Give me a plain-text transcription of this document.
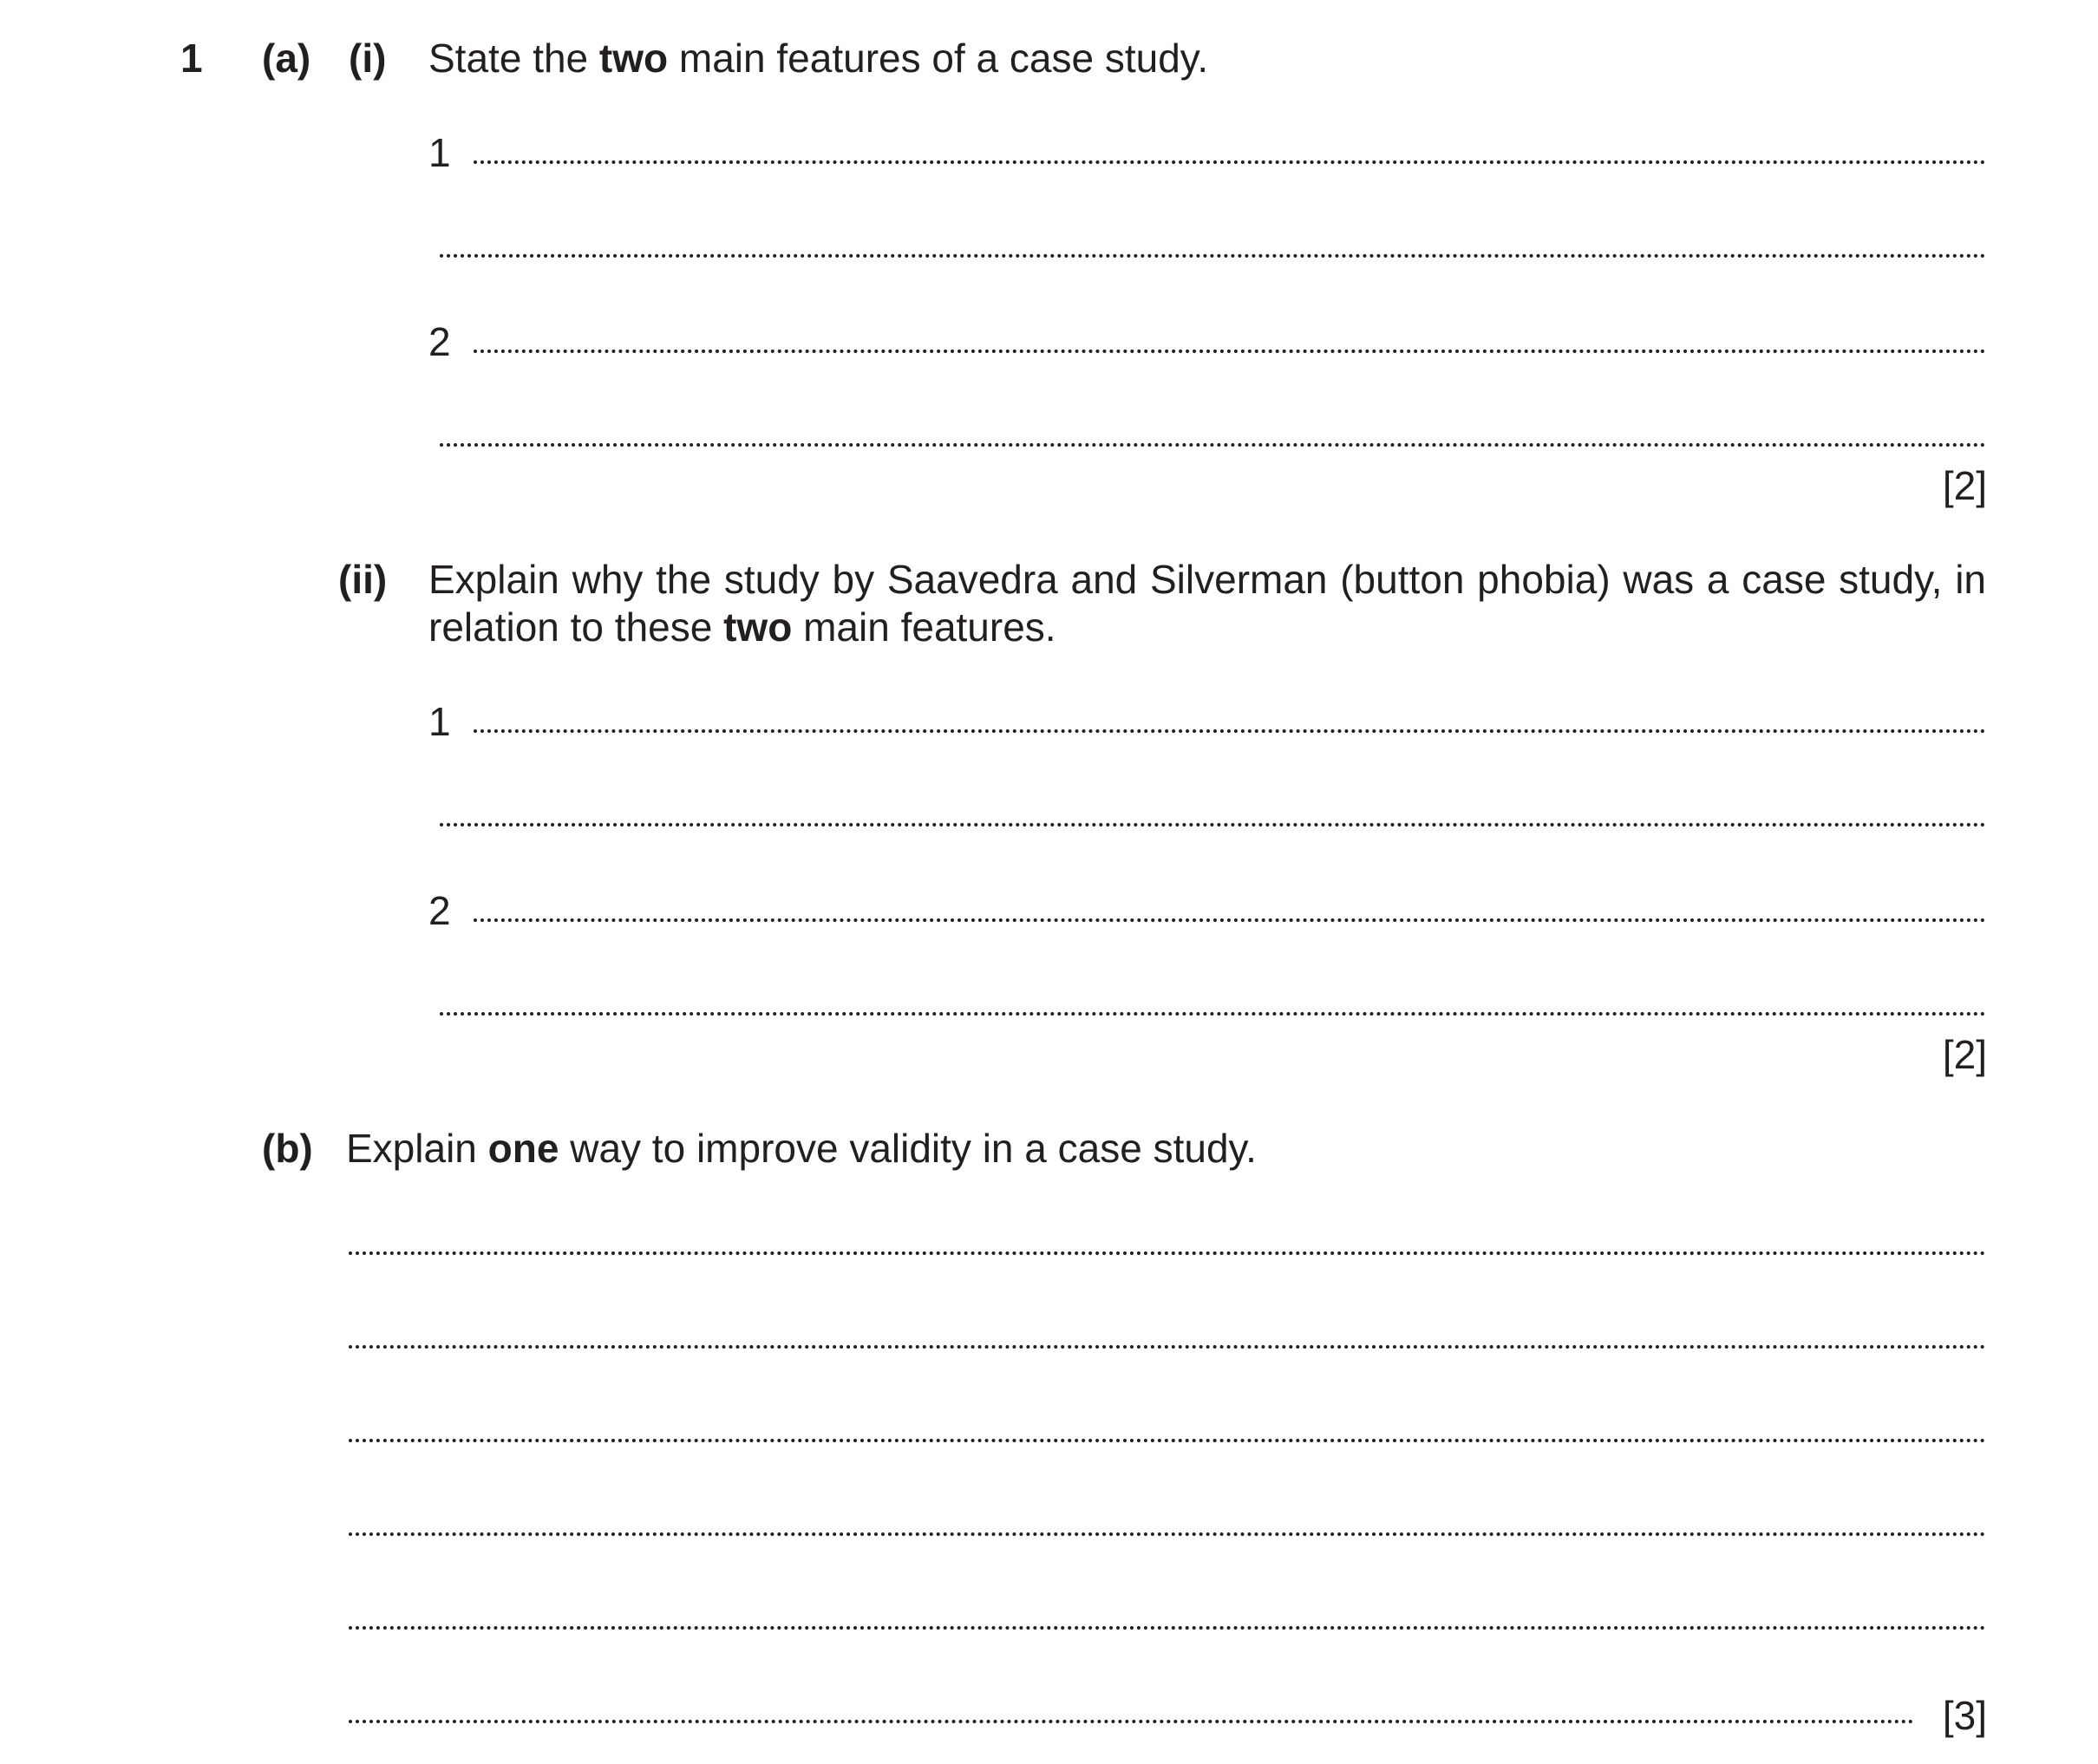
1 (a) (i) State the two main features of a case study.
1
2
[2]
(ii) Explain why the study by Saavedra and Silverman (button phobia) was a case study, in
relation to these two main features.
1
2
[2]
(b) Explain one way to improve validity in a case study.
[3]
